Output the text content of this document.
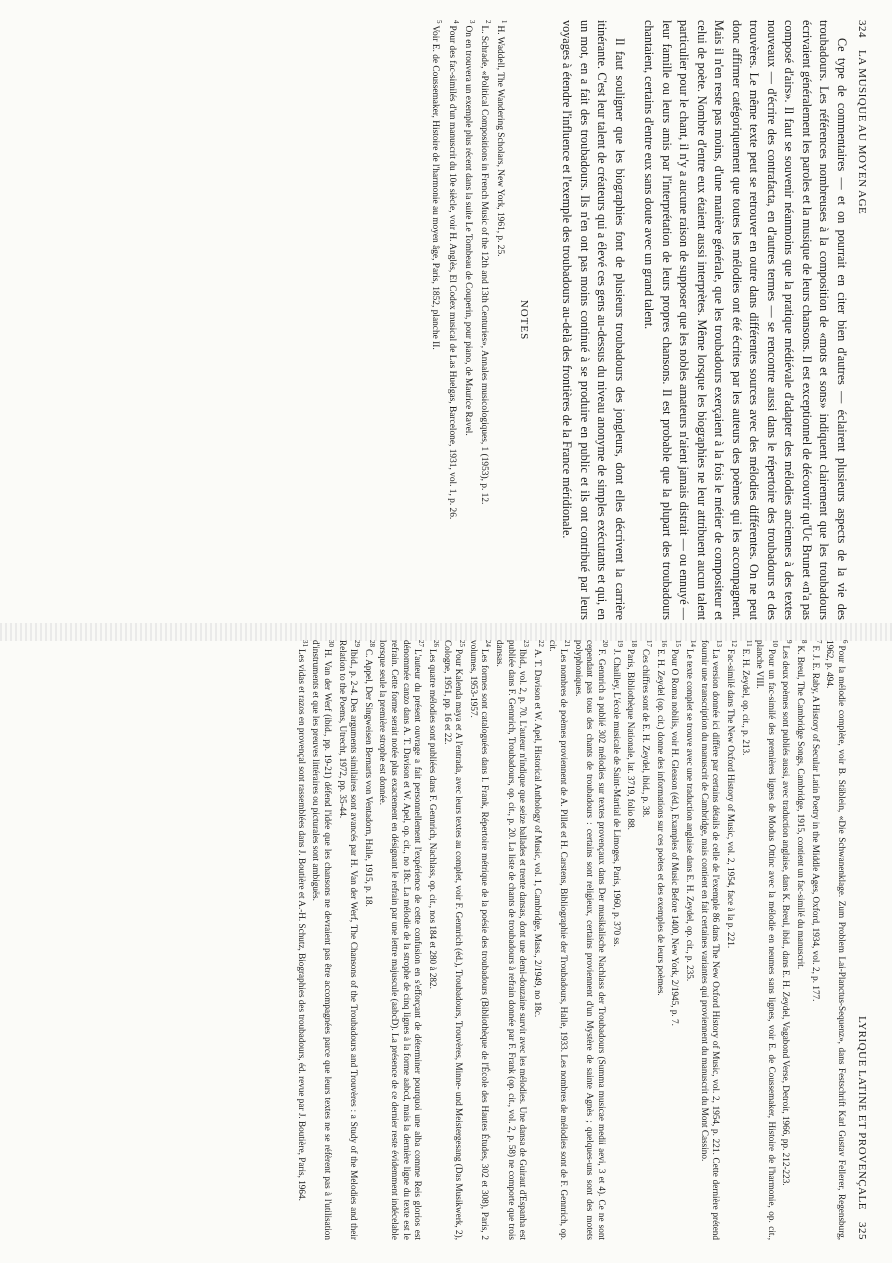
324
LA MUSIQUE AU MOYEN AGE

Ce type de commentaires — et on pourrait en citer bien d'autres — éclairent plusieurs aspects de la vie des troubadours. Les références nombreuses à la composition de «mots et sons» indiquent clairement que les troubadours écrivaient généralement les paroles et la musique de leurs chansons. Il est exceptionnel de découvrir qu'Uc Brunet «n'a pas composé d'airs». Il faut se souvenir néanmoins que la pratique médiévale d'adapter des mélodies anciennes à des textes nouveaux — d'écrire des contrafacta, en d'autres termes — se rencontre aussi dans le répertoire des troubadours et des trouvères. Le même texte peut se retrouver en outre dans différentes sources avec des mélodies différentes. On ne peut donc affirmer catégoriquement que toutes les mélodies ont été écrites par les auteurs des poèmes qui les accompagnent. Mais il n'en reste pas moins, d'une manière générale, que les troubadours exerçaient à la fois le métier de compositeur et celui de poète. Nombre d'entre eux étaient aussi interprètes. Même lorsque les biographies ne leur attribuent aucun talent particulier pour le chant, il n'y a aucune raison de supposer que les nobles amateurs n'aient jamais distrait — ou ennuyé — leur famille ou leurs amis par l'interprétation de leurs propres chansons. Il est probable que la plupart des troubadours chantaient, certains d'entre eux sans doute avec un grand talent.

Il faut souligner que les biographies font de plusieurs troubadours des jongleurs, dont elles décrivent la carrière itinérante. C'est leur talent de créateurs qui a élevé ces gens au-dessus du niveau anonyme de simples exécutants et qui, en un mot, en a fait des troubadours. Ils n'en ont pas moins continué à se produire en public et ils ont contribué par leurs voyages à étendre l'influence et l'exemple des troubadours au-delà des frontières de la France méridionale.

NOTES

$^1$H. Waddell, The Wandering Scholars, New York, 1961, p. 25.

$^2$L. Schrade, «Political Compositions in French Music of the 12th and 13th Centuries», Annales musicologiques, 1 (1953), p. 12.

$^3$On en trouvera un exemple plus récent dans la suite Le Tombeau de Couperin, pour piano, de Maurice Ravel.

$^4$Pour des fac-similés d'un manuscrit du 10e siècle, voir H. Anglès, El Codex musical de Las Huelgas, Barcelone, 1931, vol. 1, p. 26.

$^5$Voir E. de Coussemaker, Histoire de l'harmonie au moyen âge, Paris, 1852, planche II.

LYRIQUE LATINE ET PROVENÇALE
325

$^6$Pour la mélodie complète, voir B. Stäblein, «Die Schwanenklage. Zum Problem Lai-Planctus-Sequenz», dans Festschrift Karl Gustav Fellerer, Regensburg, 1962, p. 494.

$^7$F. J. E. Raby, A History of Secular Latin Poetry in the Middle Ages, Oxford, 1934, vol. 2, p. 177.

$^8$K. Breul, The Cambridge Songs, Cambridge, 1915, contient un fac-similé du manuscrit.

$^9$Les deux poèmes sont publiés aussi, avec traduction anglaise, dans K. Breul, ibid., dans E. H. Zeydel, Vagabond Verse, Detroit, 1966, pp. 212-223.

$^{10}$Pour un fac-similé des premières lignes de Modus Ottinc avec la mélodie en neumes sans lignes, voir E. de Coussemaker, Histoire de l'harmonie, op. cit., planche VIII.

$^{11}$E. H. Zeydel, op. cit., p. 213.

$^{12}$Fac-similé dans The New Oxford History of Music, vol. 2, 1954, face à la p. 221.

$^{13}$La version donnée ici diffère par certains détails de celle de l'exemple 86 dans The New Oxford History of Music, vol. 2, 1954, p. 221. Cette dernière prétend fournir une transcription du manuscrit de Cambridge, mais contient en fait certaines variantes qui proviennent du manuscrit du Mont Cassino.

$^{14}$Le texte complet se trouve avec une traduction anglaise dans E. H. Zeydel, op. cit., p. 235.

$^{15}$Pour O Roma nobilis, voir H. Gleason (éd.), Examples of Music Before 1400, New York, 2/1945, p. 7.

$^{16}$E. H. Zeydel (op. cit.) donne des informations sur ces poètes et des exemples de leurs poèmes.

$^{17}$Ces chiffres sont de E. H. Zeydel, ibid., p. 38.

$^{18}$Paris, Bibliothèque Nationale, lat. 3719, folio 88.

$^{19}$J. Chailley, L'école musicale de Saint-Martial de Limoges, Paris, 1960, p. 370 ss.

$^{20}$F. Gennrich a publié 302 mélodies sur textes provençaux dans Der musikalische Nachlass der Troubadours (Summa musicae medii aevi, 3 et 4). Ce ne sont cependant pas tous des chants de troubadours : certains sont religieux, certains proviennent d'un Mystère de sainte Agnès ; quelques-uns sont des motets polyphoniques.

$^{21}$Les nombres de poèmes proviennent de A. Pillet et H. Carstens, Bibliographie der Troubadours, Halle, 1933. Les nombres de mélodies sont de F. Gennrich, op. cit.

$^{22}$A. T. Davison et W. Apel, Historical Anthology of Music, vol. 1, Cambridge, Mass., 2/1949, no 18c.

$^{23}$Ibid., vol. 2, p. 70. L'auteur n'indique que seize ballades et trente dansas, dont une demi-douzaine survit avec les mélodies. Une dansa de Guiraut d'Espanha est publiée dans F. Gennrich, Troubadours, op. cit., p. 20. La liste de chants de troubadours à refrain donnée par F. Frank (op. cit., vol. 2, p. 58) ne comporte que trois dansas.

$^{24}$Les formes sont cataloguées dans I. Frank, Répertoire métrique de la poésie des troubadours (Bibliothèque de l'École des Hautes Études, 302 et 308), Paris, 2 volumes, 1953-1957.

$^{25}$Pour Kalenda maya et A l'entrada, avec leurs textes au complet, voir F. Gennrich (éd.), Troubadours, Trouvères, Minne- und Meistergesang (Das Musikwerk, 2), Cologne, 1951, pp. 16 et 22.

$^{26}$Les quatre mélodies sont publiées dans F. Gennrich, Nachlass, op. cit., nos 184 et 280 à 282.

$^{27}$L'auteur du présent ouvrage a fait personnellement l'expérience de cette confusion en s'efforçant de déterminer pourquoi une alba comme Reis glorios est dénommée canzo dans A. T. Davison et W. Apel, op. cit., no 18c. La mélodie de la strophe de cinq lignes à la forme aabcd, mais la dernière ligne du texte est le refrain. Cette forme serait notée plus exactement en désignant le refrain par une lettre majuscule (aabcD). La présence de ce dernier reste évidemment indécelable lorsque seule la première strophe est donnée.

$^{28}$C. Appel, Der Singweisen Bernarts von Ventadorn, Halle, 1915, p. 18.

$^{29}$Ibid., p. 2-4. Des arguments similaires sont avancés par H. Van der Werf, The Chansons of the Troubadours and Trouvères : a Study of the Melodies and their Relation to the Poems, Utrecht, 1972, pp. 35-44.

$^{30}$H. Van der Werf (ibid., pp. 19-21) défend l'idée que les chansons ne devraient pas être accompagnées parce que leurs textes ne se réfèrent pas à l'utilisation d'instruments et que les preuves littéraires ou picturales sont ambiguës.

$^{31}$Les vidas et razos en provençal sont rassemblées dans J. Boutière et A.-H. Schutz, Biographies des troubadours, éd. revue par J. Boutière, Paris, 1964.
